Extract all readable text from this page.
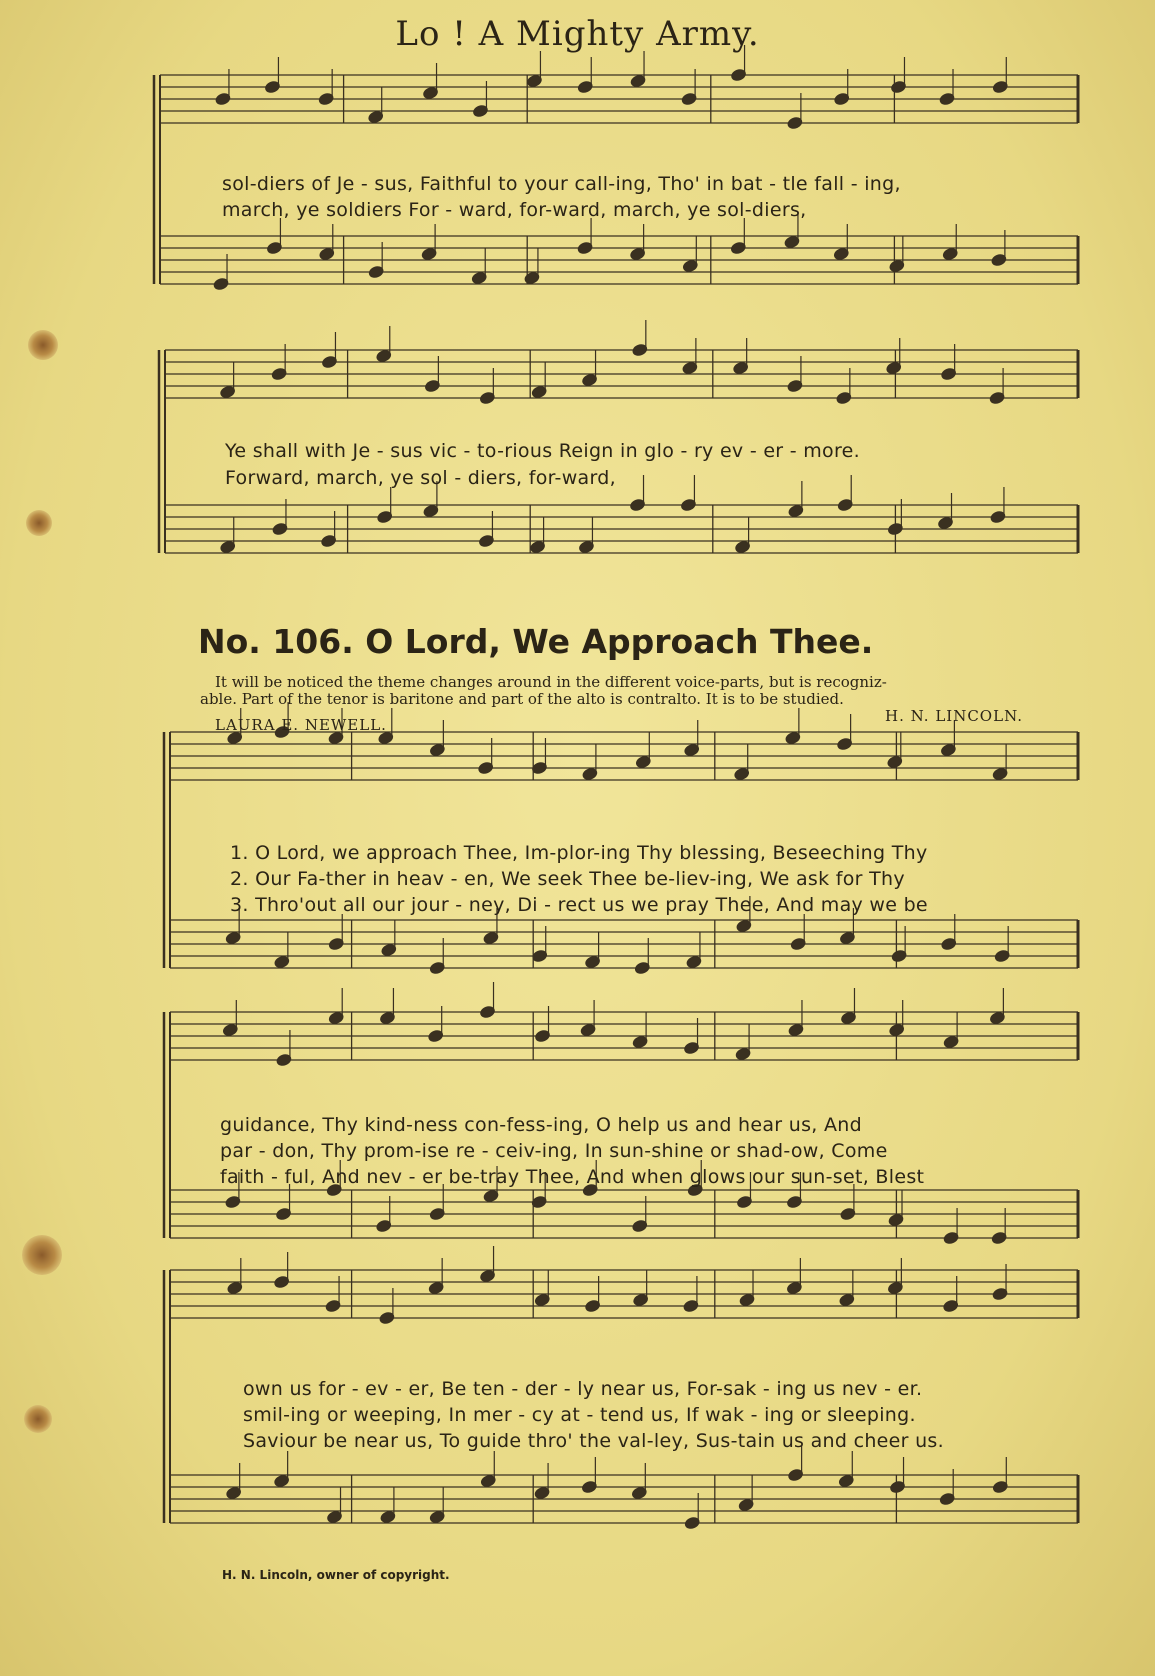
Lo ! A Mighty Army.
sol-diers of Je - sus, Faithful to your call-ing, Tho' in bat - tle fall - ing,
march, ye soldiers For - ward, for-ward, march, ye sol-diers,
Ye shall with Je - sus vic - to-rious Reign in glo - ry ev - er - more.
Forward, march, ye sol - diers, for-ward,
No. 106. O Lord, We Approach Thee.
It will be noticed the theme changes around in the different voice-parts, but is recogniz-
able. Part of the tenor is baritone and part of the alto is contralto. It is to be studied.
LAURA E. NEWELL.	H. N. LINCOLN.
1. O Lord, we approach Thee, Im-plor-ing Thy blessing, Beseeching Thy
2. Our Fa-ther in heav - en, We seek Thee be-liev-ing, We ask for Thy
3. Thro'out all our jour - ney, Di - rect us we pray Thee, And may we be
guidance, Thy kind-ness con-fess-ing, O help us and hear us, And
par - don, Thy prom-ise re - ceiv-ing, In sun-shine or shad-ow, Come
faith - ful, And nev - er be-tray Thee, And when glows our sun-set, Blest
own us for - ev - er, Be ten - der - ly near us, For-sak - ing us nev - er.
smil-ing or weeping, In mer - cy at - tend us, If wak - ing or sleeping.
Saviour be near us, To guide thro' the val-ley, Sus-tain us and cheer us.
H. N. Lincoln, owner of copyright.
